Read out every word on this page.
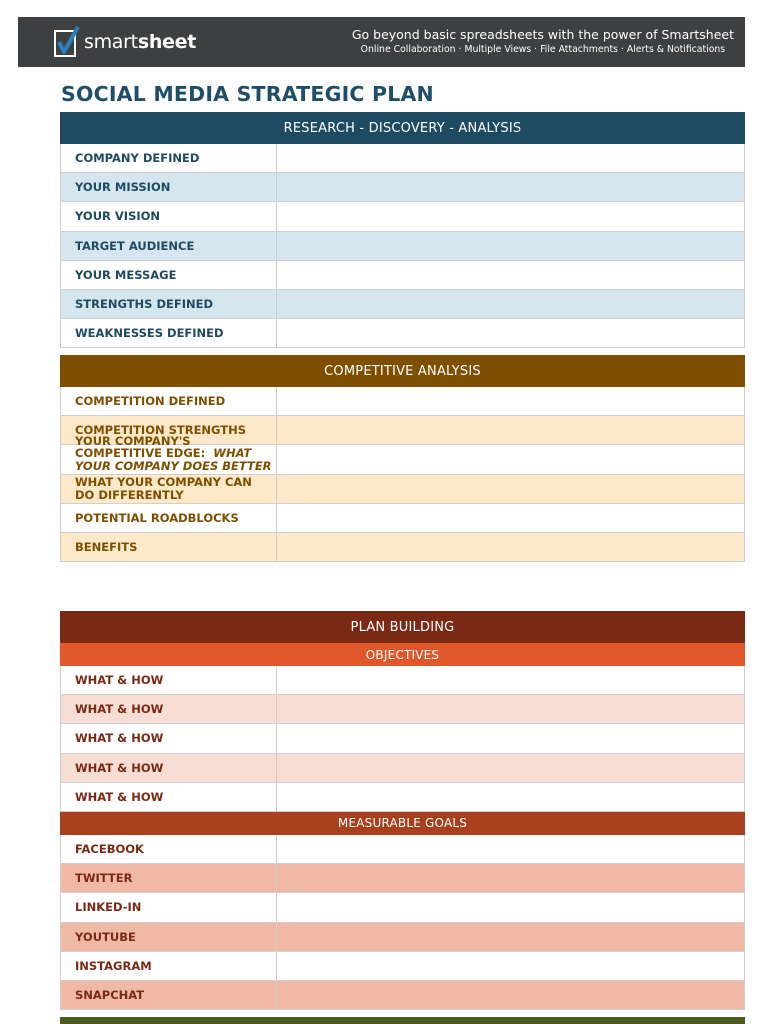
smartsheet	Go beyond basic spreadsheets with the power of Smartsheet
Online Collaboration · Multiple Views · File Attachments · Alerts & Notifications
SOCIAL MEDIA STRATEGIC PLAN
RESEARCH - DISCOVERY - ANALYSIS
COMPANY DEFINED
YOUR MISSION
YOUR VISION
TARGET AUDIENCE
YOUR MESSAGE
STRENGTHS DEFINED
WEAKNESSES DEFINED
COMPETITIVE ANALYSIS
COMPETITION DEFINED
COMPETITION STRENGTHS
YOUR COMPANY'S
COMPETITIVE EDGE: WHAT
YOUR COMPANY DOES BETTER
WHAT YOUR COMPANY CAN
DO DIFFERENTLY
POTENTIAL ROADBLOCKS
BENEFITS
PLAN BUILDING
OBJECTIVES
WHAT & HOW
WHAT & HOW
WHAT & HOW
WHAT & HOW
WHAT & HOW
MEASURABLE GOALS
FACEBOOK
TWITTER
LINKED-IN
YOUTUBE
INSTAGRAM
SNAPCHAT
